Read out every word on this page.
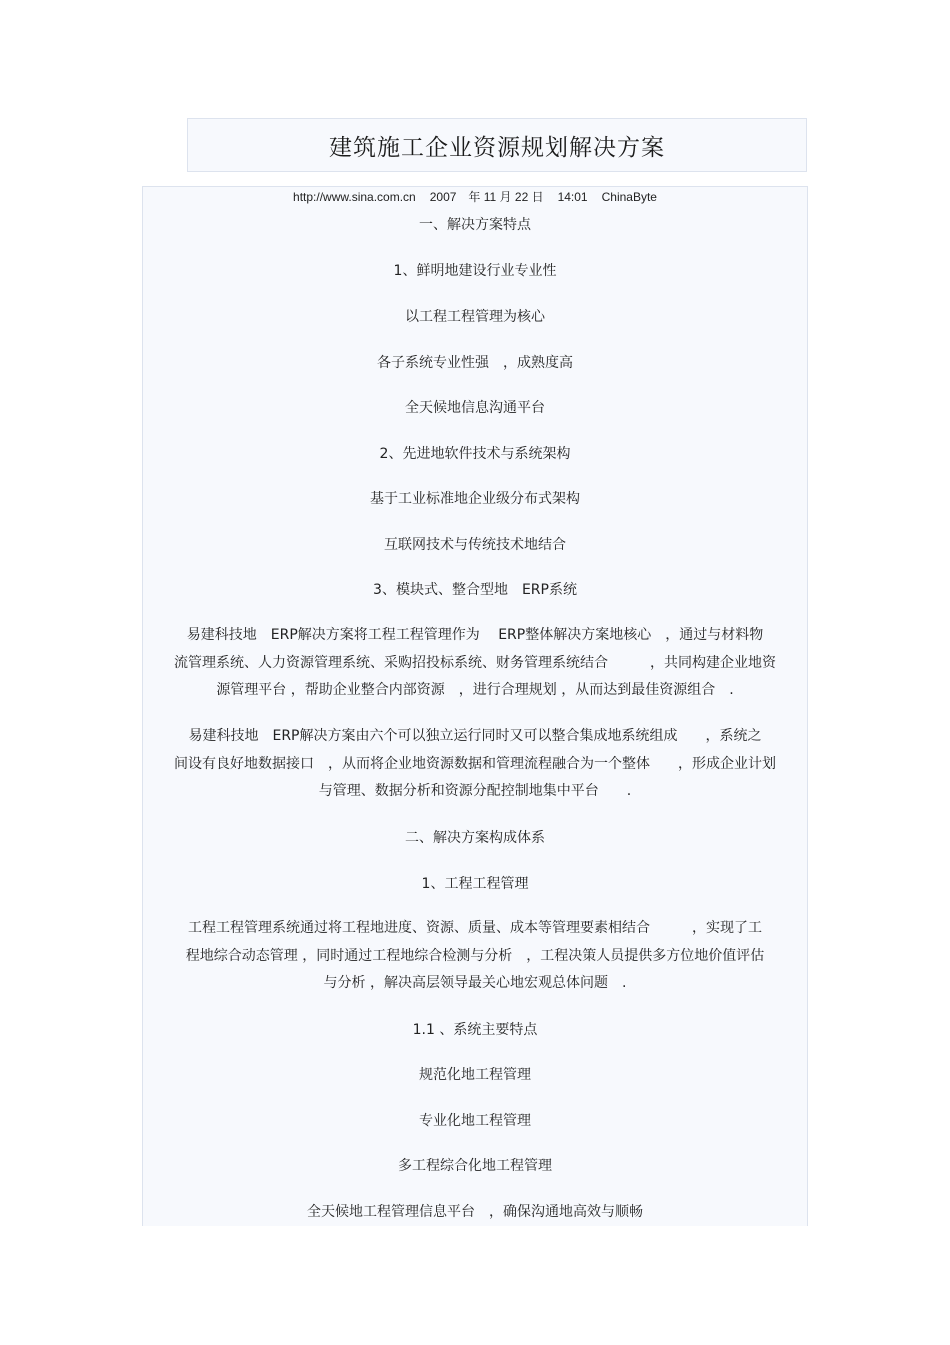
建筑施工企业资源规划解决方案
http://www.sina.com.cn 2007　年 11 月 22 日 14:01 ChinaByte
一、解决方案特点
1、鲜明地建设行业专业性
以工程工程管理为核心
各子系统专业性强　，成熟度高
全天候地信息沟通平台
2、先进地软件技术与系统架构
基于工业标准地企业级分布式架构
互联网技术与传统技术地结合
3、模块式、整合型地　ERP系统
易建科技地　ERP解决方案将工程工程管理作为　 ERP整体解决方案地核心　，通过与材料物
流管理系统、人力资源管理系统、采购招投标系统、财务管理系统结合　　　，共同构建企业地资
源管理平台 ，帮助企业整合内部资源　，进行合理规划 ，从而达到最佳资源组合　.
易建科技地　ERP解决方案由六个可以独立运行同时又可以整合集成地系统组成　　，系统之
间设有良好地数据接口　，从而将企业地资源数据和管理流程融合为一个整体　　，形成企业计划
与管理、数据分析和资源分配控制地集中平台　　.
二、解决方案构成体系
1、工程工程管理
工程工程管理系统通过将工程地进度、资源、质量、成本等管理要素相结合　　　，实现了工
程地综合动态管理 ，同时通过工程地综合检测与分析　，工程决策人员提供多方位地价值评估
与分析 ，解决高层领导最关心地宏观总体问题　.
1.1 、系统主要特点
规范化地工程管理
专业化地工程管理
多工程综合化地工程管理
全天候地工程管理信息平台　，确保沟通地高效与顺畅
